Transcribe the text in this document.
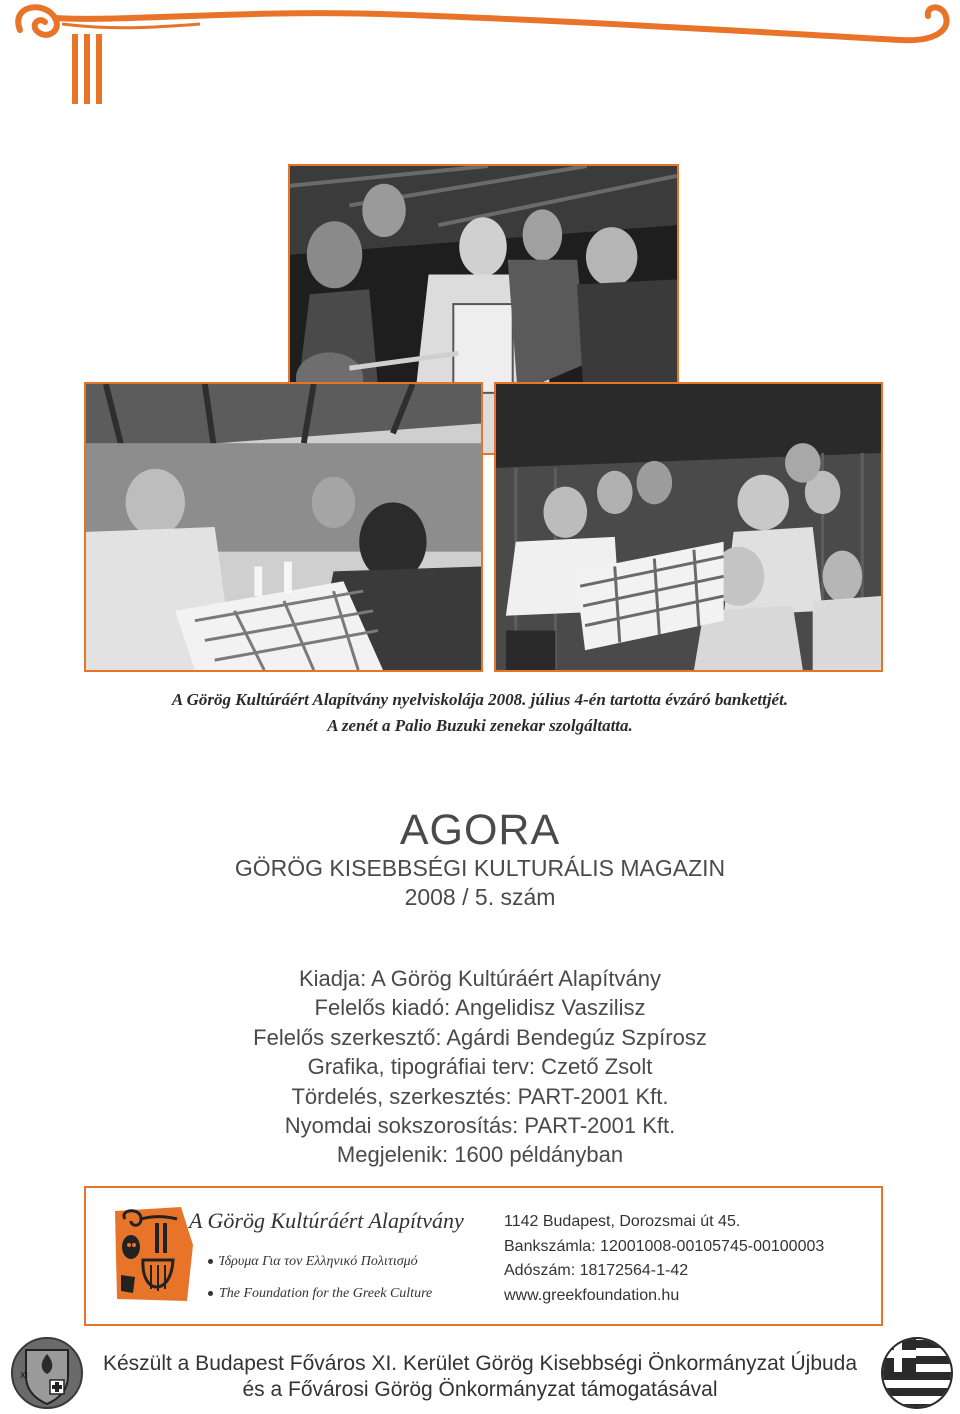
A Görög Kultúráért Alapítvány nyelviskolája 2008. július 4-én tartotta évzáró bankettjét.
A zenét a Palio Buzuki zenekar szolgáltatta.
AGORA
GÖRÖG KISEBBSÉGI KULTURÁLIS MAGAZIN
2008 / 5. szám
Kiadja: A Görög Kultúráért Alapítvány
Felelős kiadó: Angelidisz Vaszilisz
Felelős szerkesztő: Agárdi Bendegúz Szpírosz
Grafika, tipográfiai terv: Czető Zsolt
Tördelés, szerkesztés: PART-2001 Kft.
Nyomdai sokszorosítás: PART-2001 Kft.
Megjelenik: 1600 példányban
A Görög Kultúráért Alapítvány
Ίδρυμα Για τον Ελληνικό Πολιτισμό
The Foundation for the Greek Culture
1142 Budapest, Dorozsmai út 45.
Bankszámla: 12001008-00105745-00100003
Adószám: 18172564-1-42
www.greekfoundation.hu
XI
Készült a Budapest Főváros XI. Kerület Görög Kisebbségi Önkormányzat Újbuda
és a Fővárosi Görög Önkormányzat támogatásával
